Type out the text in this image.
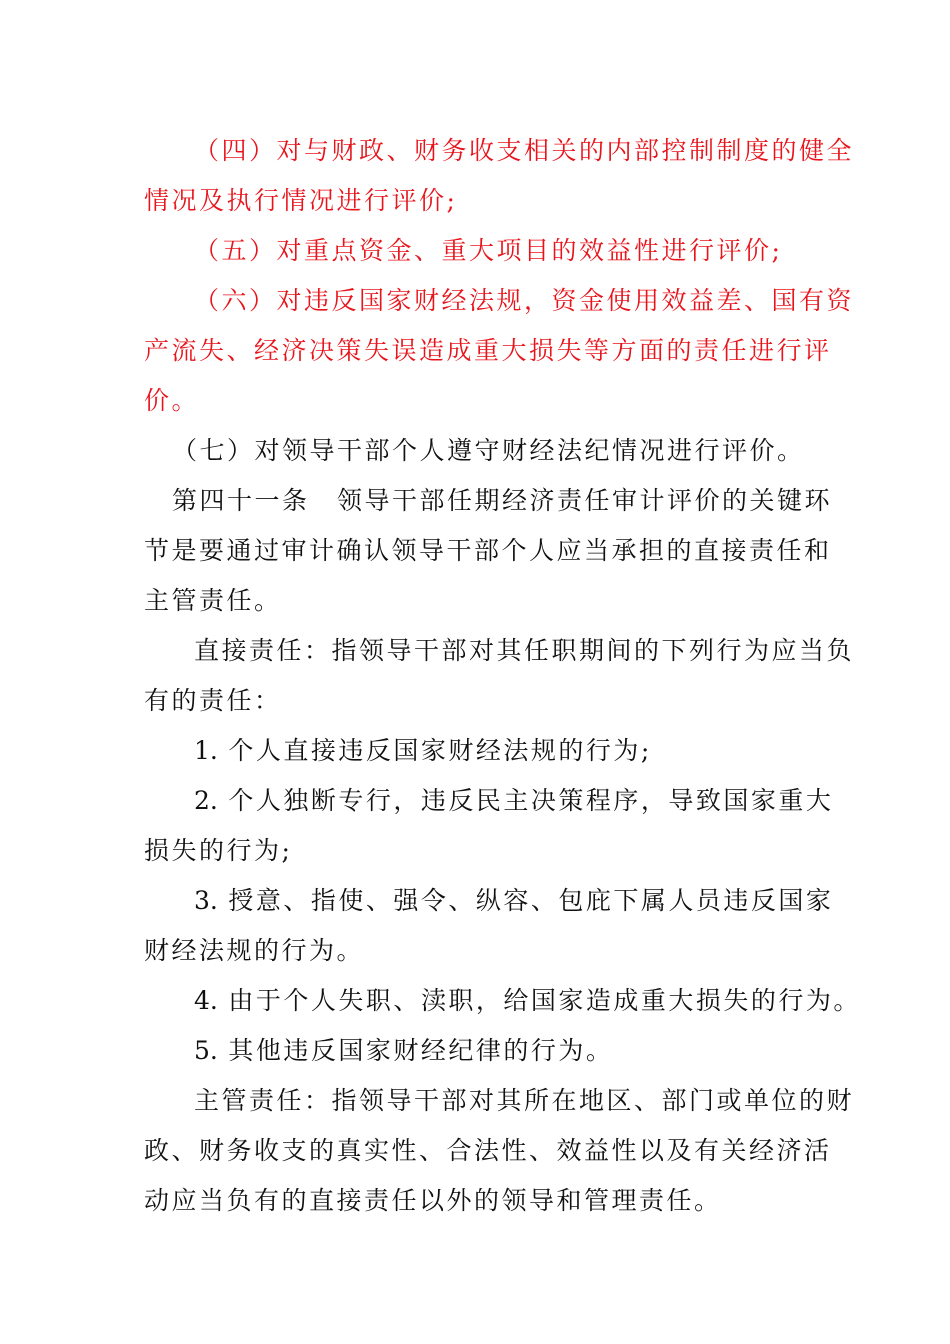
（四）对与财政、财务收支相关的内部控制制度的健全
情况及执行情况进行评价;
（五）对重点资金、重大项目的效益性进行评价;
（六）对违反国家财经法规，资金使用效益差、国有资
产流失、经济决策失误造成重大损失等方面的责任进行评
价。
（七）对领导干部个人遵守财经法纪情况进行评价。
第四十一条　领导干部任期经济责任审计评价的关键环
节是要通过审计确认领导干部个人应当承担的直接责任和
主管责任。
直接责任：指领导干部对其任职期间的下列行为应当负
有的责任：
1. 个人直接违反国家财经法规的行为;
2. 个人独断专行，违反民主决策程序，导致国家重大
损失的行为;
3. 授意、指使、强令、纵容、包庇下属人员违反国家
财经法规的行为。
4. 由于个人失职、渎职，给国家造成重大损失的行为。
5. 其他违反国家财经纪律的行为。
主管责任：指领导干部对其所在地区、部门或单位的财
政、财务收支的真实性、合法性、效益性以及有关经济活
动应当负有的直接责任以外的领导和管理责任。
